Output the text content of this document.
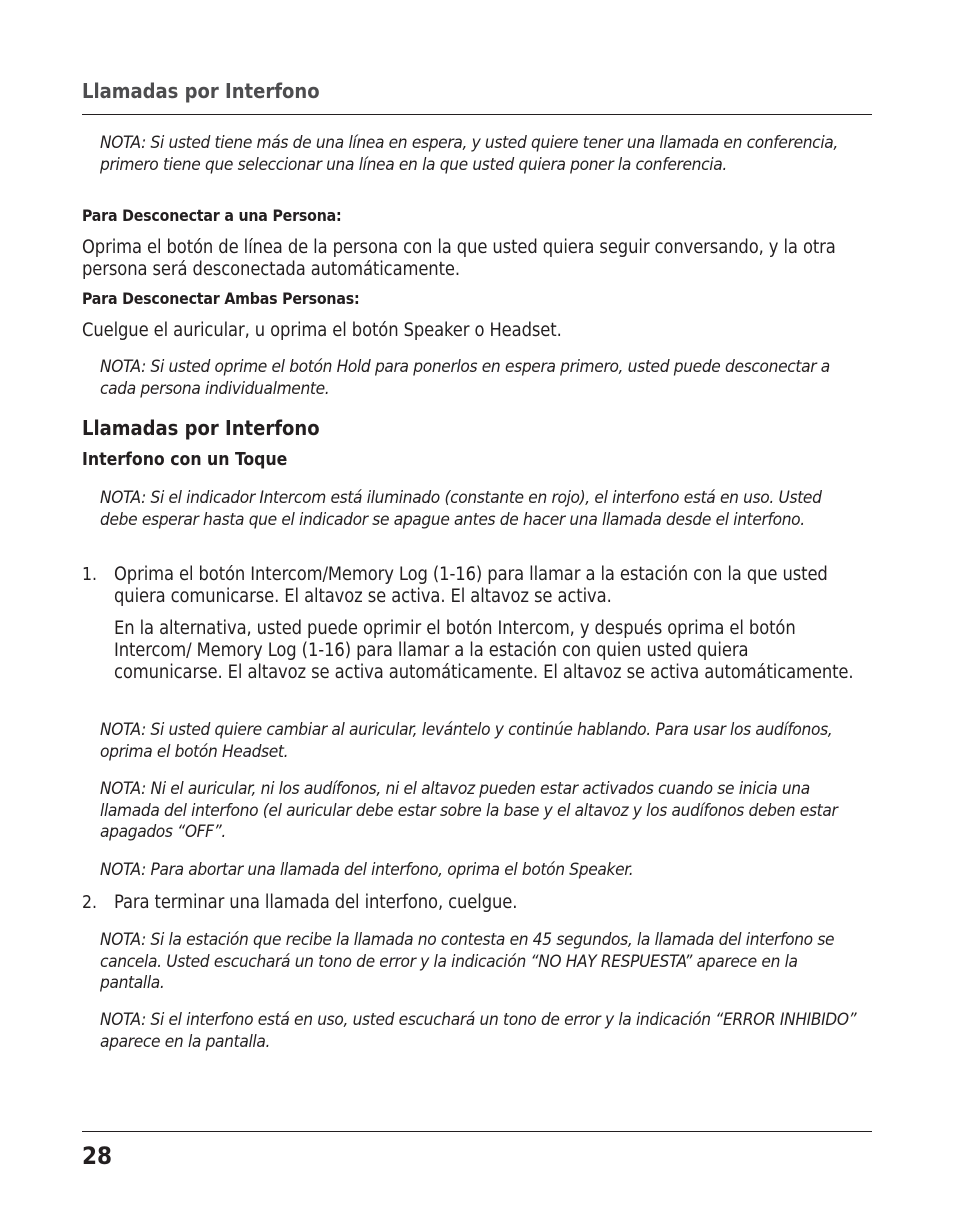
Llamadas por Interfono

NOTA: Si usted tiene más de una línea en espera, y usted quiere tener una llamada en conferencia, primero tiene que seleccionar una línea en la que usted quiera poner la conferencia.

Para Desconectar a una Persona:

Oprima el botón de línea de la persona con la que usted quiera seguir conversando, y la otra persona será desconectada automáticamente.

Para Desconectar Ambas Personas:

Cuelgue el auricular, u oprima el botón Speaker o Headset.

NOTA: Si usted oprime el botón Hold para ponerlos en espera primero, usted puede desconectar a cada persona individualmente.

Llamadas por Interfono

Interfono con un Toque

NOTA: Si el indicador Intercom está iluminado (constante en rojo), el interfono está en uso. Usted debe esperar hasta que el indicador se apague antes de hacer una llamada desde el interfono.

1. Oprima el botón Intercom/Memory Log (1-16) para llamar a la estación con la que usted quiera comunicarse. El altavoz se activa. El altavoz se activa.

En la alternativa, usted puede oprimir el botón Intercom, y después oprima el botón Intercom/ Memory Log (1-16) para llamar a la estación con quien usted quiera comunicarse. El altavoz se activa automáticamente. El altavoz se activa automáticamente.

NOTA: Si usted quiere cambiar al auricular, levántelo y continúe hablando. Para usar los audífonos, oprima el botón Headset.

NOTA: Ni el auricular, ni los audífonos, ni el altavoz pueden estar activados cuando se inicia una llamada del interfono (el auricular debe estar sobre la base y el altavoz y los audífonos deben estar apagados “OFF”.

NOTA: Para abortar una llamada del interfono, oprima el botón Speaker.

2. Para terminar una llamada del interfono, cuelgue.

NOTA: Si la estación que recibe la llamada no contesta en 45 segundos, la llamada del interfono se cancela. Usted escuchará un tono de error y la indicación “NO HAY RESPUESTA” aparece en la pantalla.

NOTA: Si el interfono está en uso, usted escuchará un tono de error y la indicación “ERROR INHIBIDO” aparece en la pantalla.

28
